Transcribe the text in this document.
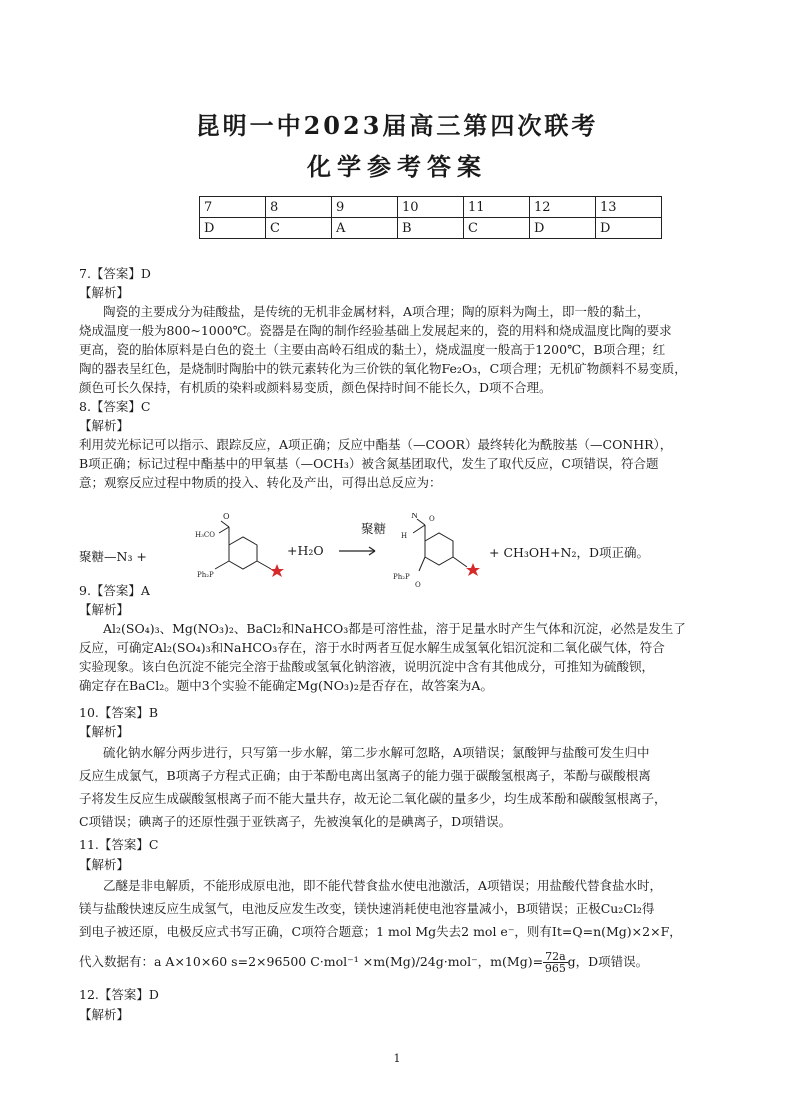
昆明一中2023届高三第四次联考
化学参考答案
7	8	9	10	11	12	13
D	C	A	B	C	D	D
7.【答案】D
【解析】
陶瓷的主要成分为硅酸盐，是传统的无机非金属材料，A项合理；陶的原料为陶土，即一般的黏土，
烧成温度一般为800~1000℃。瓷器是在陶的制作经验基础上发展起来的，瓷的用料和烧成温度比陶的要求
更高，瓷的胎体原料是白色的瓷土（主要由高岭石组成的黏土），烧成温度一般高于1200℃，B项合理；红
陶的器表呈红色，是烧制时陶胎中的铁元素转化为三价铁的氧化物Fe₂O₃，C项合理；无机矿物颜料不易变质，
颜色可长久保持，有机质的染料或颜料易变质，颜色保持时间不能长久，D项不合理。
8.【答案】C
【解析】
利用荧光标记可以指示、跟踪反应，A项正确；反应中酯基（—COOR）最终转化为酰胺基（—CONHR），
B项正确；标记过程中酯基中的甲氧基（—OCH₃）被含氮基团取代，发生了取代反应，C项错误，符合题
意；观察反应过程中物质的投入、转化及产出，可得出总反应为：
聚糖—N₃ +
O
H₃CO
Ph₂P
N
H
O
Ph₂P
O
+H₂O
聚糖
+ CH₃OH+N₂，D项正确。
9.【答案】A
【解析】
Al₂(SO₄)₃、Mg(NO₃)₂、BaCl₂和NaHCO₃都是可溶性盐，溶于足量水时产生气体和沉淀，必然是发生了
反应，可确定Al₂(SO₄)₃和NaHCO₃存在，溶于水时两者互促水解生成氢氧化铝沉淀和二氧化碳气体，符合
实验现象。该白色沉淀不能完全溶于盐酸或氢氧化钠溶液，说明沉淀中含有其他成分，可推知为硫酸钡，
确定存在BaCl₂。题中3个实验不能确定Mg(NO₃)₂是否存在，故答案为A。
10.【答案】B
【解析】
硫化钠水解分两步进行，只写第一步水解，第二步水解可忽略，A项错误；氯酸钾与盐酸可发生归中
反应生成氯气，B项离子方程式正确；由于苯酚电离出氢离子的能力强于碳酸氢根离子，苯酚与碳酸根离
子将发生反应生成碳酸氢根离子而不能大量共存，故无论二氧化碳的量多少，均生成苯酚和碳酸氢根离子，
C项错误；碘离子的还原性强于亚铁离子，先被溴氧化的是碘离子，D项错误。
11.【答案】C
【解析】
乙醚是非电解质，不能形成原电池，即不能代替食盐水使电池激活，A项错误；用盐酸代替食盐水时，
镁与盐酸快速反应生成氢气，电池反应发生改变，镁快速消耗使电池容量减小，B项错误；正极Cu₂Cl₂得
到电子被还原，电极反应式书写正确，C项符合题意；1 mol Mg失去2 mol e⁻，则有It=Q=n(Mg)×2×F，
代入数据有：a A×10×60 s=2×96500 C·mol⁻¹ ×m(Mg)/24g·mol⁻，$m(Mg)= \frac{72a}{965}$ g，D项错误。
12.【答案】D
【解析】
1
